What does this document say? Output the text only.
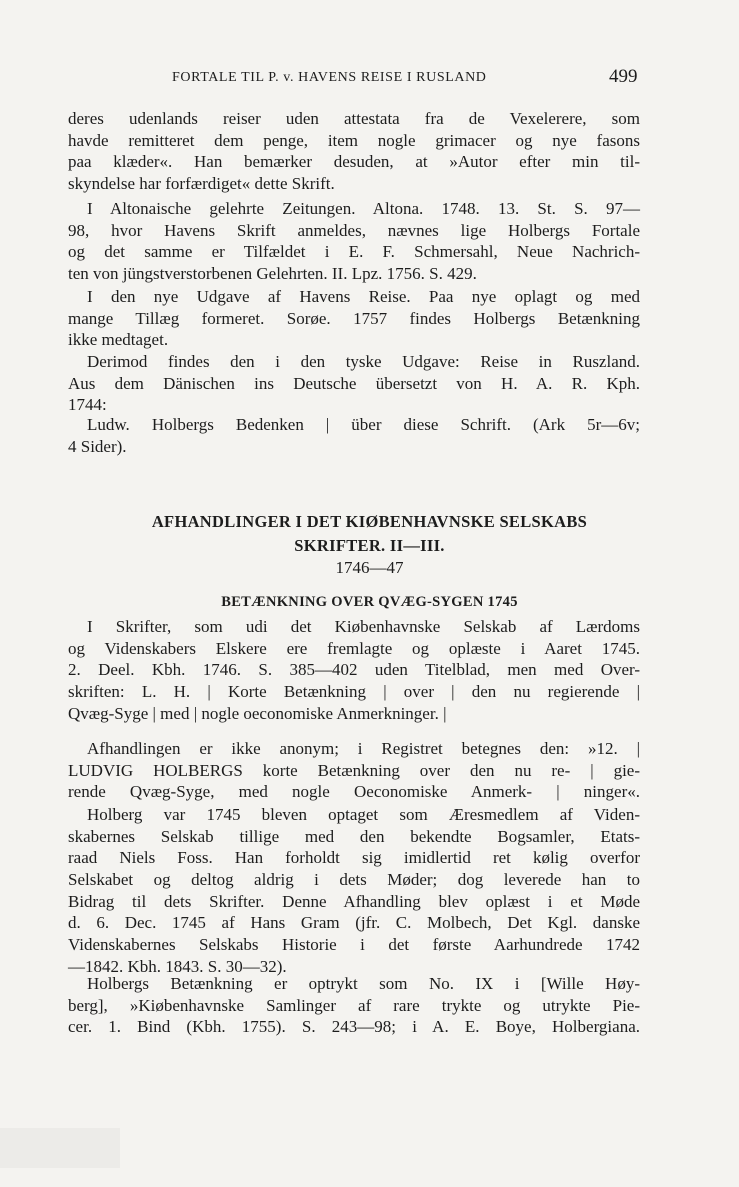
FORTALE TIL P. v. HAVENS REISE I RUSLAND	499
deres udenlands reiser uden attestata fra de Vexelerere, som
havde remitteret dem penge, item nogle grimacer og nye fasons
paa klæder«. Han bemærker desuden, at »Autor efter min til-
skyndelse har forfærdiget« dette Skrift.
I Altonaische gelehrte Zeitungen. Altona. 1748. 13. St. S. 97—
98, hvor Havens Skrift anmeldes, nævnes lige Holbergs Fortale
og det samme er Tilfældet i E. F. Schmersahl, Neue Nachrich-
ten von jüngstverstorbenen Gelehrten. II. Lpz. 1756. S. 429.
I den nye Udgave af Havens Reise. Paa nye oplagt og med
mange Tillæg formeret. Sorøe. 1757 findes Holbergs Betænkning
ikke medtaget.
Derimod findes den i den tyske Udgave: Reise in Ruszland.
Aus dem Dänischen ins Deutsche übersetzt von H. A. R. Kph.
1744:
Ludw. Holbergs Bedenken | über diese Schrift. (Ark 5r—6v;
4 Sider).
AFHANDLINGER I DET KIØBENHAVNSKE SELSKABS
SKRIFTER. II—III.
1746—47
BETÆNKNING OVER QVÆG-SYGEN 1745
I Skrifter, som udi det Kiøbenhavnske Selskab af Lærdoms
og Videnskabers Elskere ere fremlagte og oplæste i Aaret 1745.
2. Deel. Kbh. 1746. S. 385—402 uden Titelblad, men med Over-
skriften: L. H. | Korte Betænkning | over | den nu regierende |
Qvæg-Syge | med | nogle oeconomiske Anmerkninger. |
Afhandlingen er ikke anonym; i Registret betegnes den: »12. |
LUDVIG HOLBERGS korte Betænkning over den nu re- | gie-
rende Qvæg-Syge, med nogle Oeconomiske Anmerk- | ninger«.
Holberg var 1745 bleven optaget som Æresmedlem af Viden-
skabernes Selskab tillige med den bekendte Bogsamler, Etats-
raad Niels Foss. Han forholdt sig imidlertid ret kølig overfor
Selskabet og deltog aldrig i dets Møder; dog leverede han to
Bidrag til dets Skrifter. Denne Afhandling blev oplæst i et Møde
d. 6. Dec. 1745 af Hans Gram (jfr. C. Molbech, Det Kgl. danske
Videnskabernes Selskabs Historie i det første Aarhundrede 1742
—1842. Kbh. 1843. S. 30—32).
Holbergs Betænkning er optrykt som No. IX i [Wille Høy-
berg], »Kiøbenhavnske Samlinger af rare trykte og utrykte Pie-
cer. 1. Bind (Kbh. 1755). S. 243—98; i A. E. Boye, Holbergiana.
